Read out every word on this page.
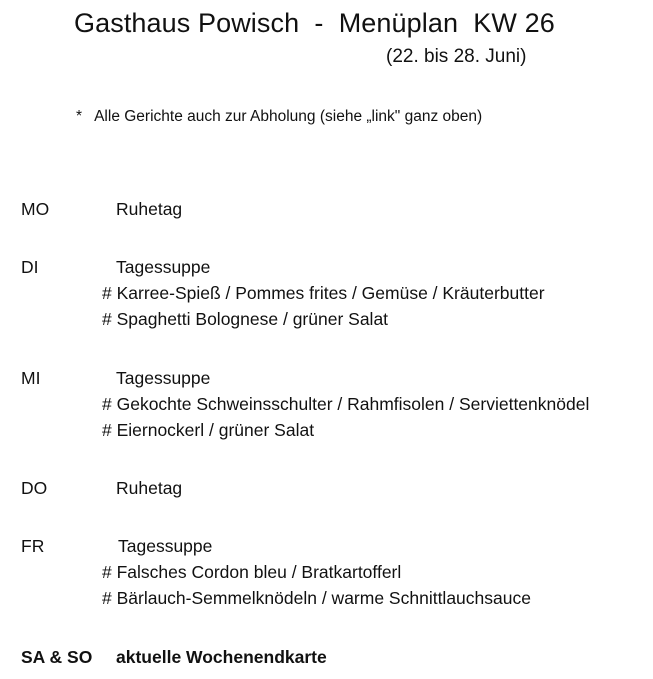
Gasthaus Powisch  -  Menüplan  KW 26
(22. bis 28. Juni)
*   Alle Gerichte auch zur Abholung (siehe „link" ganz oben)
MO	Ruhetag
DI	Tagessuppe
# Karree-Spieß / Pommes frites / Gemüse / Kräuterbutter
# Spaghetti Bolognese / grüner Salat
MI	Tagessuppe
# Gekochte Schweinsschulter / Rahmfisolen / Serviettenknödel
# Eiernockerl / grüner Salat
DO	Ruhetag
FR	Tagessuppe
# Falsches Cordon bleu / Bratkartofferl
# Bärlauch-Semmelknödeln / warme Schnittlauchsauce
SA & SO aktuelle Wochenendkarte
